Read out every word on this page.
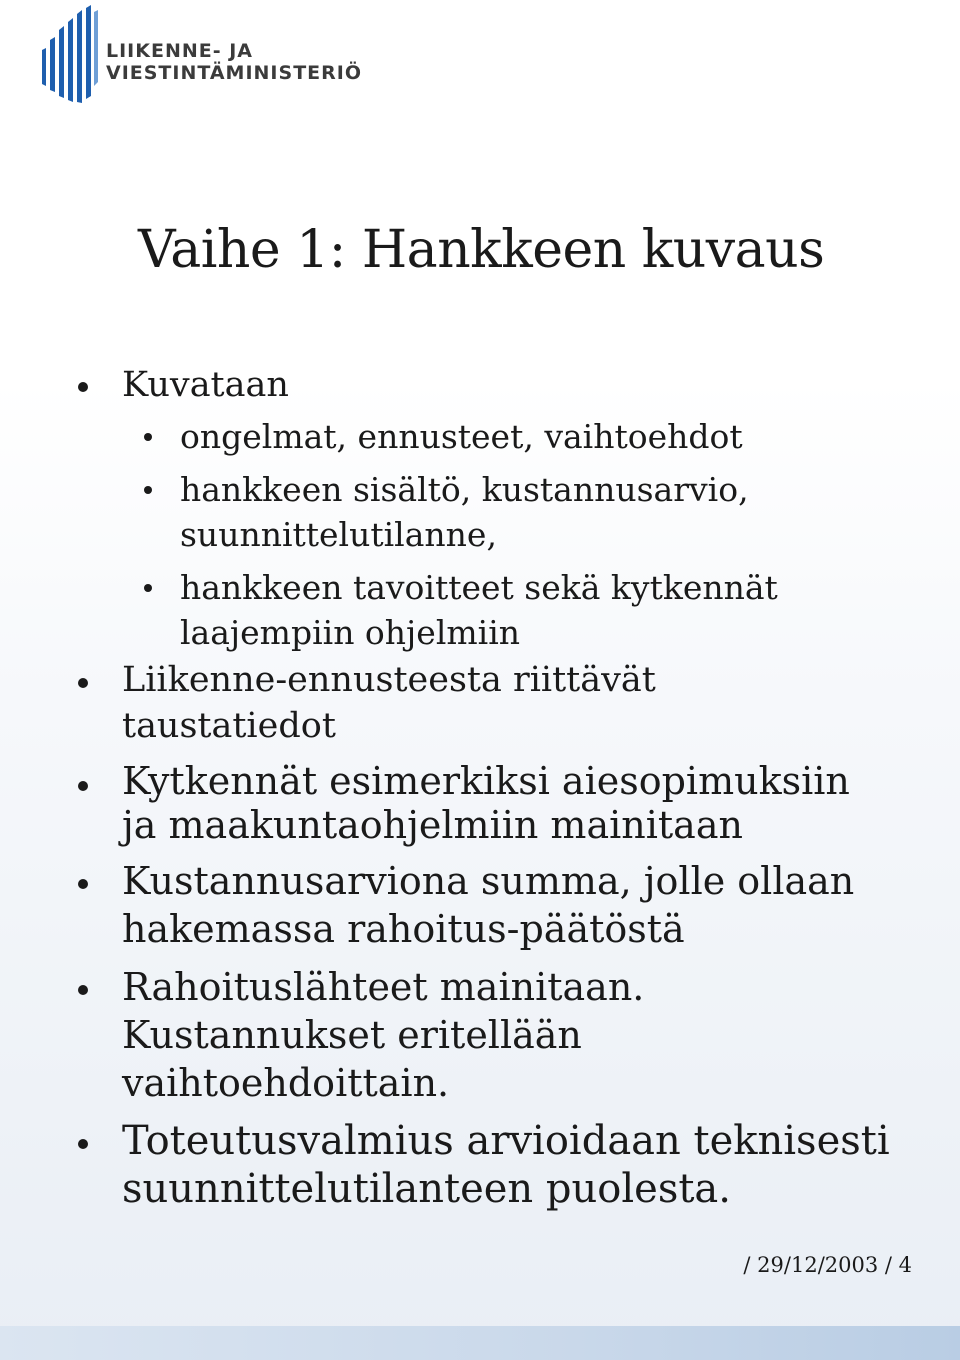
LIIKENNE- JA
VIESTINTÄMINISTERIÖ
Vaihe 1: Hankkeen kuvaus
Kuvataan
ongelmat, ennusteet, vaihtoehdot
hankkeen sisältö, kustannusarvio,
suunnittelutilanne,
hankkeen tavoitteet sekä kytkennät
laajempiin ohjelmiin
Liikenne-ennusteesta riittävät
taustatiedot
Kytkennät esimerkiksi aiesopimuksiin
ja maakuntaohjelmiin mainitaan
Kustannusarviona summa, jolle ollaan
hakemassa rahoitus-päätöstä
Rahoituslähteet mainitaan.
Kustannukset eritellään
vaihtoehdoittain.
Toteutusvalmius arvioidaan teknisesti
suunnittelutilanteen puolesta.
/ 29/12/2003 / 4
